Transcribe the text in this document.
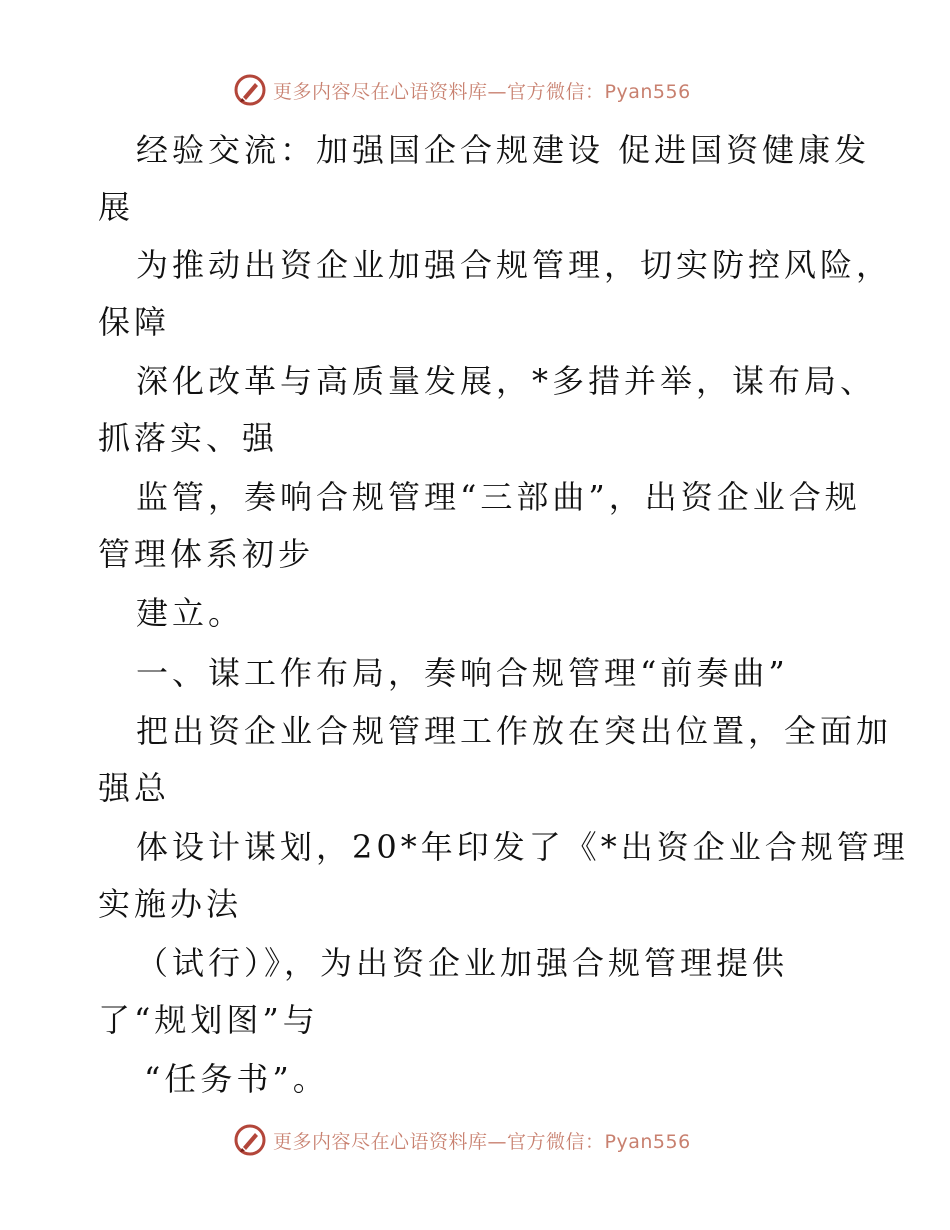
更多内容尽在心语资料库—官方微信：Pyan556
经验交流：加强国企合规建设 促进国资健康发
展
为推动出资企业加强合规管理，切实防控风险，
保障
深化改革与高质量发展，*多措并举，谋布局、
抓落实、强
监管，奏响合规管理“三部曲”，出资企业合规
管理体系初步
建立。
一、谋工作布局，奏响合规管理“前奏曲”
把出资企业合规管理工作放在突出位置，全面加
强总
体设计谋划，20*年印发了《*出资企业合规管理
实施办法
（试行）》，为出资企业加强合规管理提供
了“规划图”与
“任务书”。
更多内容尽在心语资料库—官方微信：Pyan556
